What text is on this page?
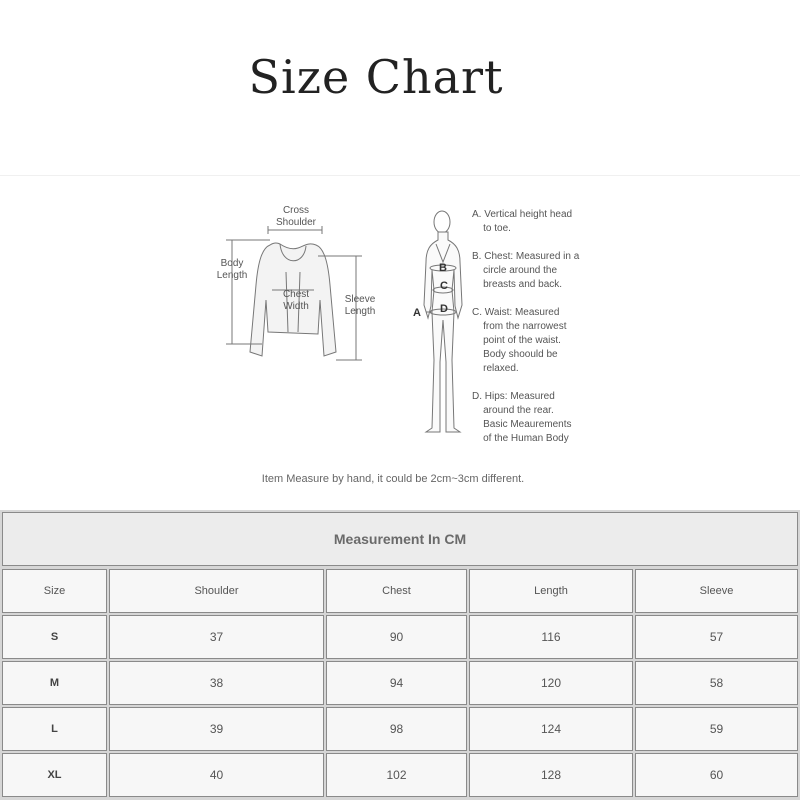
Size Chart
Cross
Shoulder
Body
Length
Chest
Width
Sleeve
Length
B
C
A D
A. Vertical height head
to toe.
B. Chest: Measured in a
circle around the
breasts and back.
C. Waist: Measured
from the narrowest
point of the waist.
Body shoould be
relaxed.
D. Hips: Measured
around the rear.
Basic Meaurements
of the Human Body
Item Measure by hand, it could be 2cm~3cm different.
Measurement In CM
Size	Shoulder	Chest	Length	Sleeve
S	37	90	116	57
M	38	94	120	58
L	39	98	124	59
XL	40	102	128	60
